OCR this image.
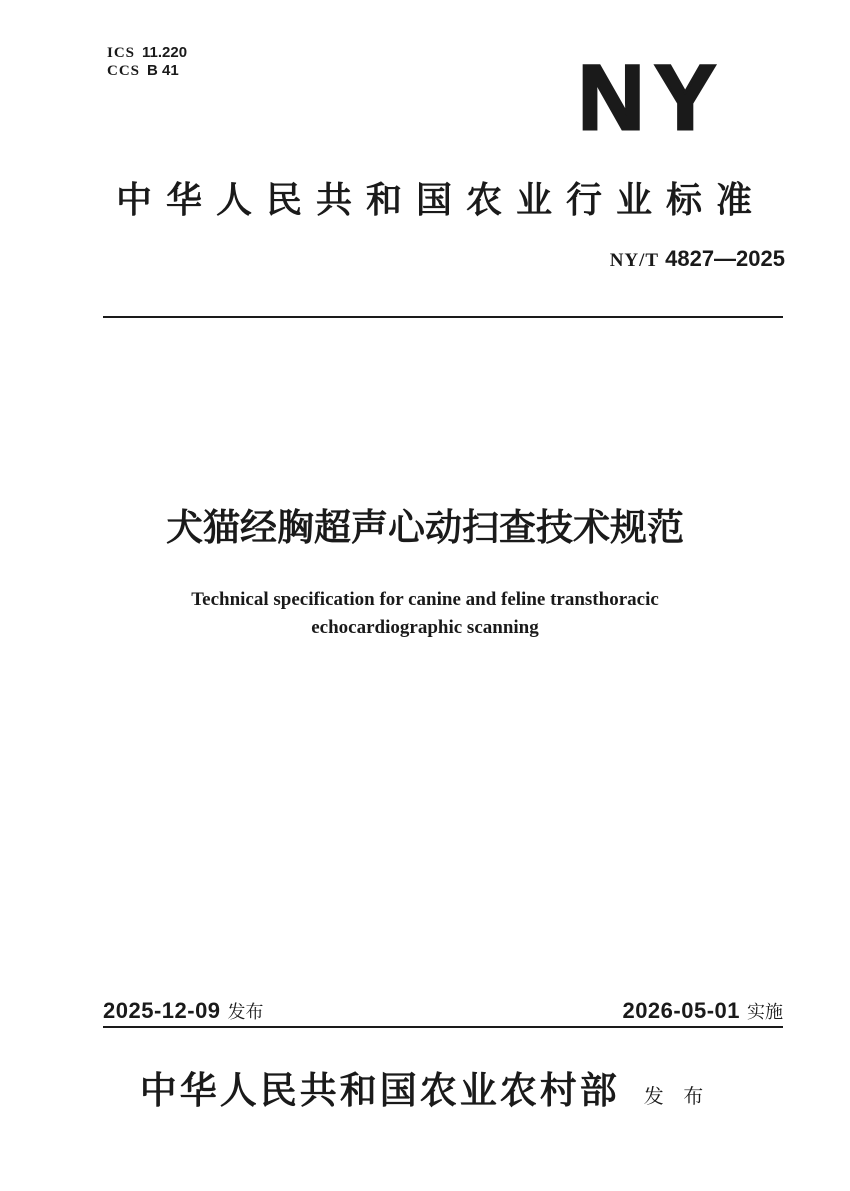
ICS 11.220
CCS B 41	NY
中华人民共和国农业行业标准
NY/T 4827—2025
犬猫经胸超声心动扫查技术规范
Technical specification for canine and feline transthoracic
echocardiographic scanning
2025-12-09 发布	2026-05-01 实施
中华人民共和国农业农村部 发 布
